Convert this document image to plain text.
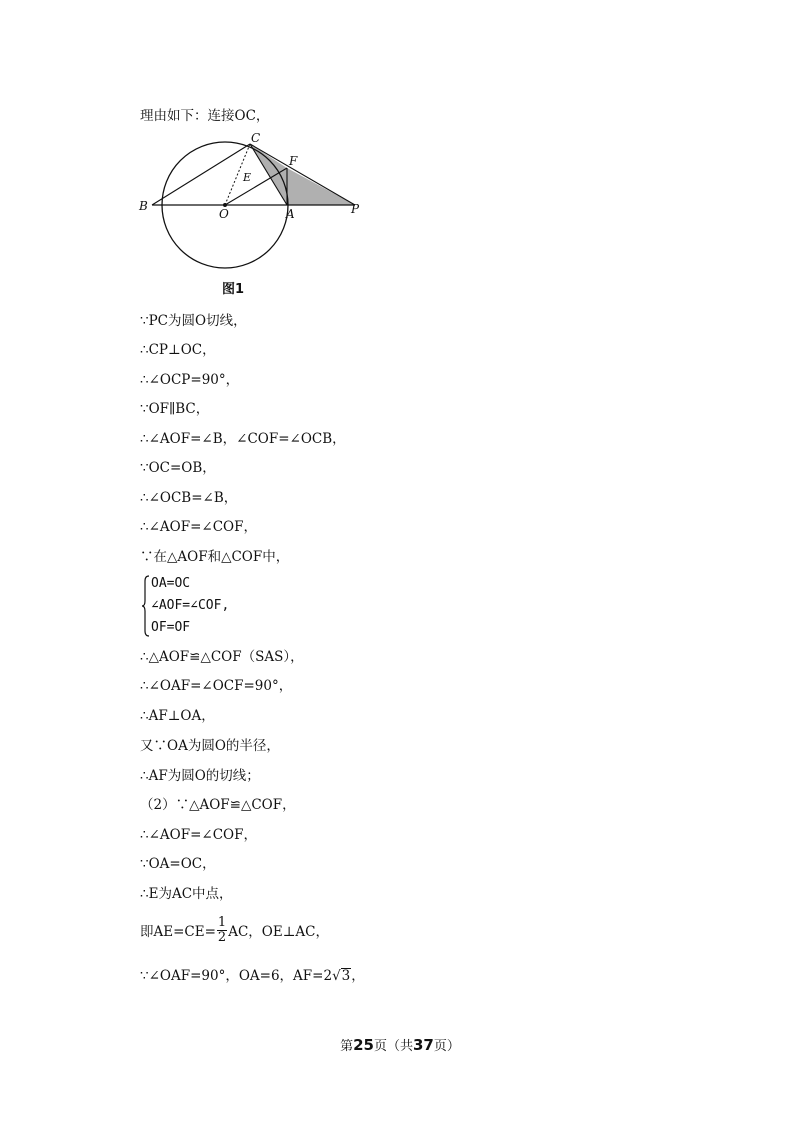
理由如下：连接OC，
B
C
E
F
O	A	P
图1
∵PC为圆O切线，
∴CP⊥OC，
∴∠OCP=90°，
∵OF∥BC，
∴∠AOF=∠B，∠COF=∠OCB，
∵OC=OB，
∴∠OCB=∠B，
∴∠AOF=∠COF，
∵在△AOF和△COF中，
OA=OC
∠AOF=∠COF,
OF=OF
∴△AOF≌△COF（SAS），
∴∠OAF=∠OCF=90°，
∴AF⊥OA，
又∵OA为圆O的半径，
∴AF为圆O的切线；
（2）∵△AOF≌△COF，
∴∠AOF=∠COF，
∵OA=OC，
∴E为AC中点，
即$AE=CE= \frac{1}{2}$ AC，OE⊥AC，
∵∠OAF=90°，OA=6，AF=2√3，
第25页（共37页）
